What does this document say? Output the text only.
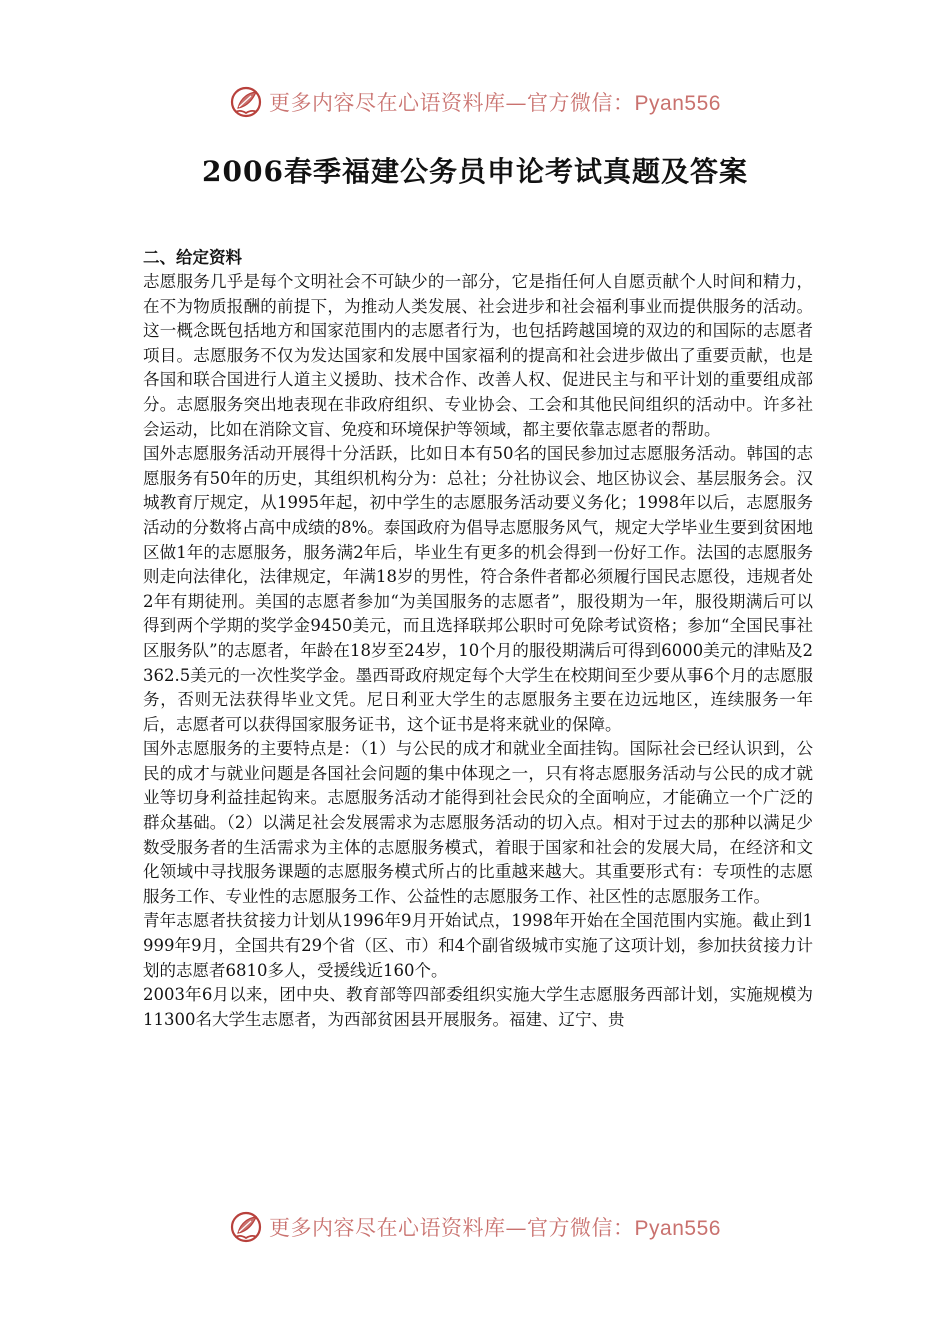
更多内容尽在心语资料库—官方微信：Pyan556
2006春季福建公务员申论考试真题及答案

二、给定资料

志愿服务几乎是每个文明社会不可缺少的一部分，它是指任何人自愿贡献个人时间和精力，在不为物质报酬的前提下，为推动人类发展、社会进步和社会福利事业而提供服务的活动。这一概念既包括地方和国家范围内的志愿者行为，也包括跨越国境的双边的和国际的志愿者项目。志愿服务不仅为发达国家和发展中国家福利的提高和社会进步做出了重要贡献，也是各国和联合国进行人道主义援助、技术合作、改善人权、促进民主与和平计划的重要组成部分。志愿服务突出地表现在非政府组织、专业协会、工会和其他民间组织的活动中。许多社会运动，比如在消除文盲、免疫和环境保护等领域，都主要依靠志愿者的帮助。

国外志愿服务活动开展得十分活跃，比如日本有50名的国民参加过志愿服务活动。韩国的志愿服务有50年的历史，其组织机构分为：总社；分社协议会、地区协议会、基层服务会。汉城教育厅规定，从1995年起，初中学生的志愿服务活动要义务化；1998年以后，志愿服务活动的分数将占高中成绩的8%。泰国政府为倡导志愿服务风气，规定大学毕业生要到贫困地区做1年的志愿服务，服务满2年后，毕业生有更多的机会得到一份好工作。法国的志愿服务则走向法律化，法律规定，年满18岁的男性，符合条件者都必须履行国民志愿役，违规者处2年有期徒刑。美国的志愿者参加“为美国服务的志愿者”，服役期为一年，服役期满后可以得到两个学期的奖学金9450美元，而且选择联邦公职时可免除考试资格；参加“全国民事社区服务队”的志愿者，年龄在18岁至24岁，10个月的服役期满后可得到6000美元的津贴及2362.5美元的一次性奖学金。墨西哥政府规定每个大学生在校期间至少要从事6个月的志愿服务，否则无法获得毕业文凭。尼日利亚大学生的志愿服务主要在边远地区，连续服务一年后，志愿者可以获得国家服务证书，这个证书是将来就业的保障。

国外志愿服务的主要特点是：（1）与公民的成才和就业全面挂钩。国际社会已经认识到，公民的成才与就业问题是各国社会问题的集中体现之一，只有将志愿服务活动与公民的成才就业等切身利益挂起钩来。志愿服务活动才能得到社会民众的全面响应，才能确立一个广泛的群众基础。（2）以满足社会发展需求为志愿服务活动的切入点。相对于过去的那种以满足少数受服务者的生活需求为主体的志愿服务模式，着眼于国家和社会的发展大局，在经济和文化领域中寻找服务课题的志愿服务模式所占的比重越来越大。其重要形式有：专项性的志愿服务工作、专业性的志愿服务工作、公益性的志愿服务工作、社区性的志愿服务工作。

青年志愿者扶贫接力计划从1996年9月开始试点，1998年开始在全国范围内实施。截止到1999年9月，全国共有29个省（区、市）和4个副省级城市实施了这项计划，参加扶贫接力计划的志愿者6810多人，受援线近160个。

2003年6月以来，团中央、教育部等四部委组织实施大学生志愿服务西部计划，实施规模为11300名大学生志愿者，为西部贫困县开展服务。福建、辽宁、贵

更多内容尽在心语资料库—官方微信：Pyan556
